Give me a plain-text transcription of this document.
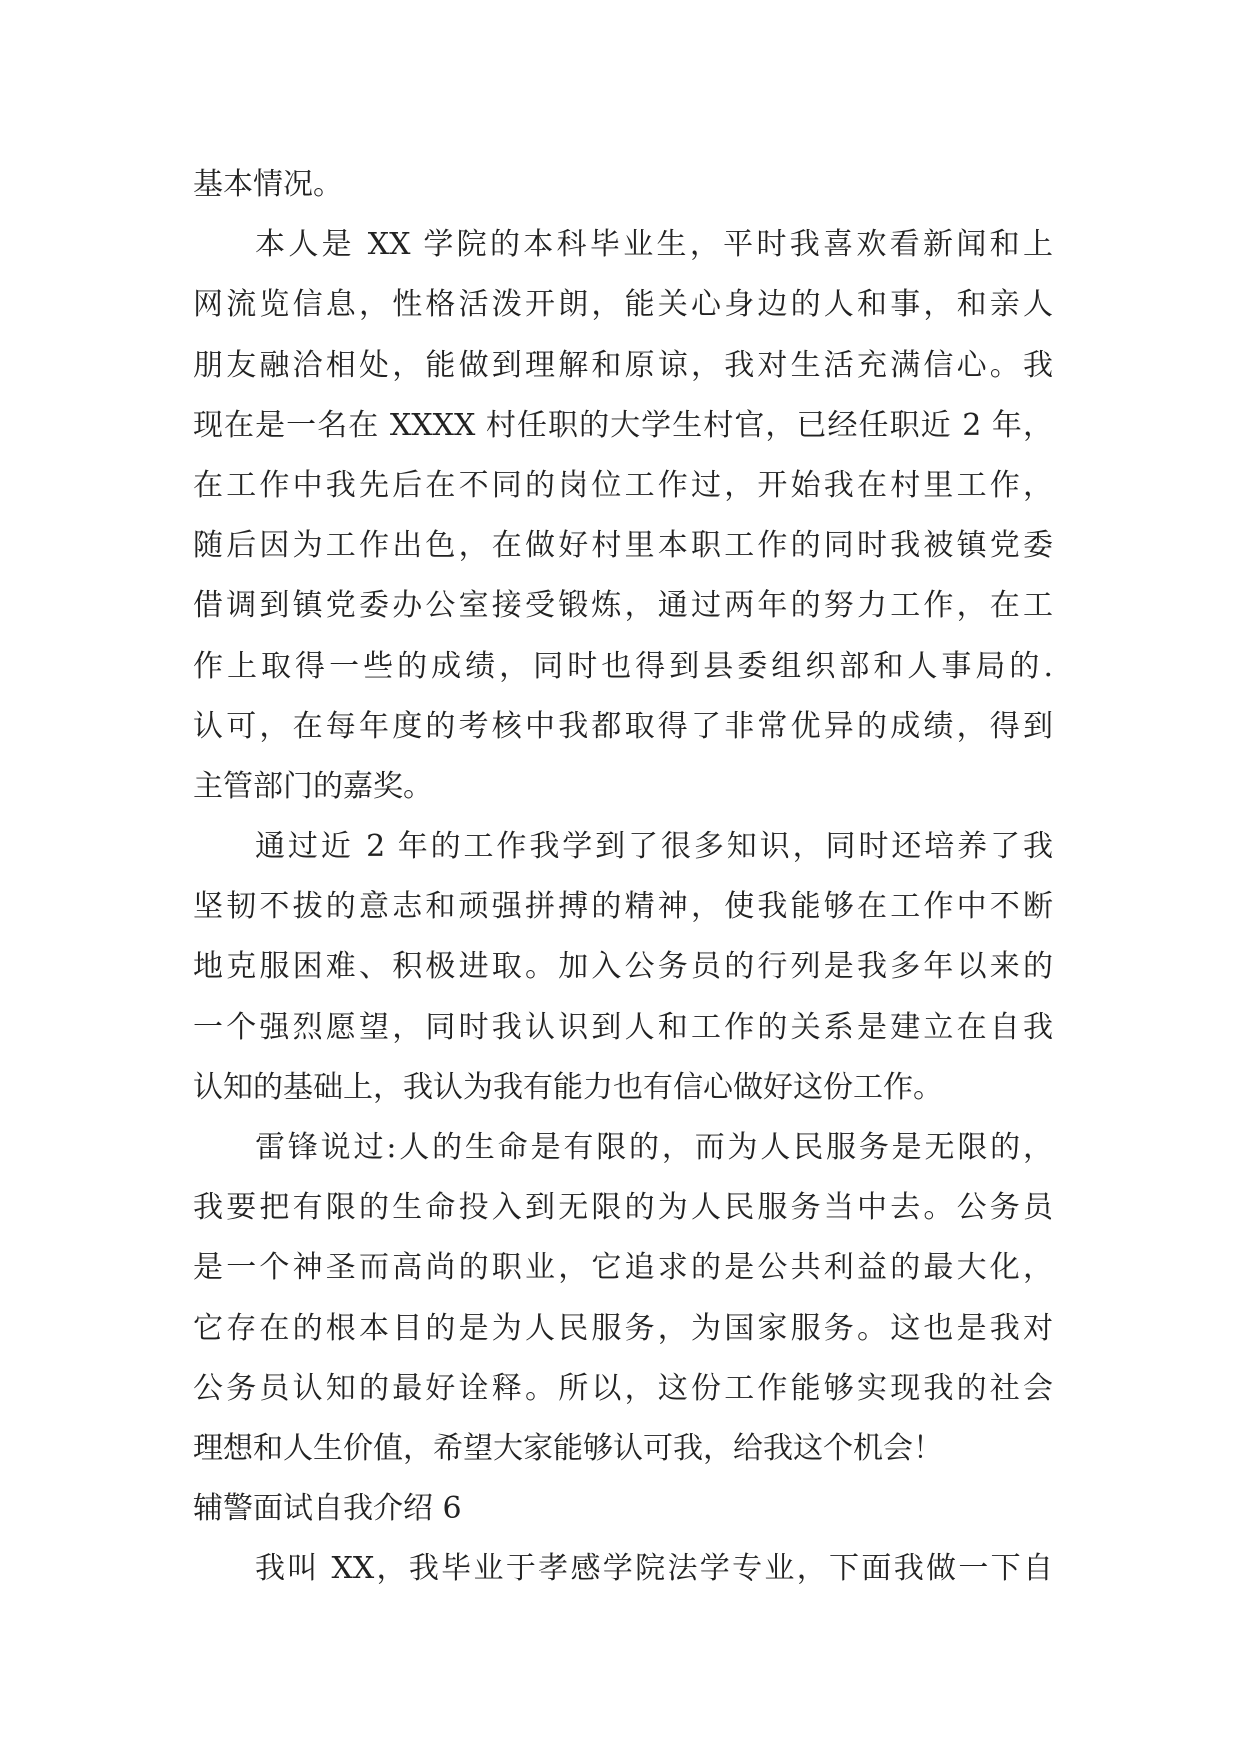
基本情况。
本人是 XX 学院的本科毕业生，平时我喜欢看新闻和上
网流览信息，性格活泼开朗，能关心身边的人和事，和亲人
朋友融洽相处，能做到理解和原谅，我对生活充满信心。我
现在是一名在 XXXX 村任职的大学生村官，已经任职近 2 年，
在工作中我先后在不同的岗位工作过，开始我在村里工作，
随后因为工作出色，在做好村里本职工作的同时我被镇党委
借调到镇党委办公室接受锻炼，通过两年的努力工作，在工
作上取得一些的成绩，同时也得到县委组织部和人事局的.
认可，在每年度的考核中我都取得了非常优异的成绩，得到
主管部门的嘉奖。
通过近 2 年的工作我学到了很多知识，同时还培养了我
坚韧不拔的意志和顽强拼搏的精神，使我能够在工作中不断
地克服困难、积极进取。加入公务员的行列是我多年以来的
一个强烈愿望，同时我认识到人和工作的关系是建立在自我
认知的基础上，我认为我有能力也有信心做好这份工作。
雷锋说过:人的生命是有限的，而为人民服务是无限的，
我要把有限的生命投入到无限的为人民服务当中去。公务员
是一个神圣而高尚的职业，它追求的是公共利益的最大化，
它存在的根本目的是为人民服务，为国家服务。这也是我对
公务员认知的最好诠释。所以，这份工作能够实现我的社会
理想和人生价值，希望大家能够认可我，给我这个机会！
辅警面试自我介绍 6
我叫 XX，我毕业于孝感学院法学专业，下面我做一下自
